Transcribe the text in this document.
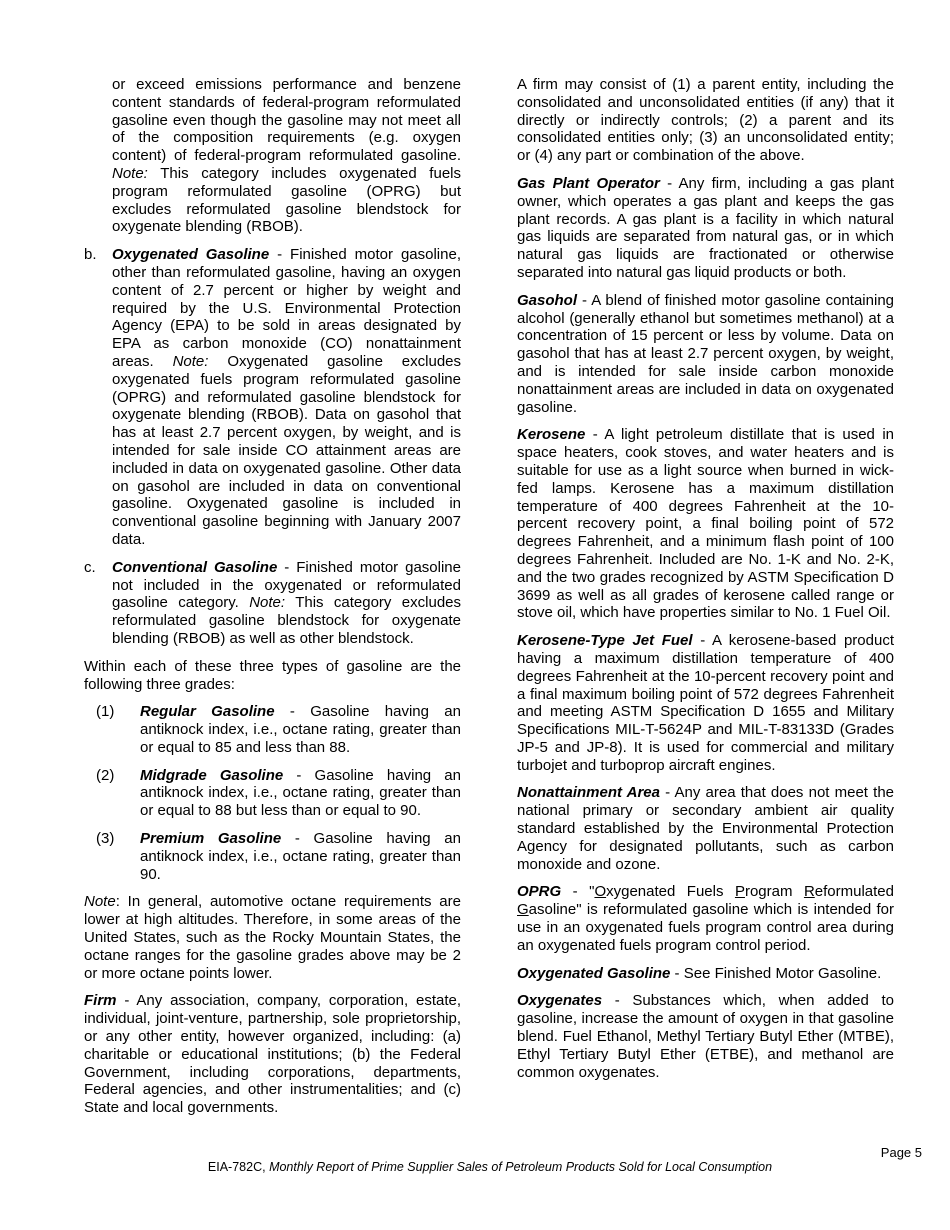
or exceed emissions performance and benzene content standards of federal-program reformulated gasoline even though the gasoline may not meet all of the composition requirements (e.g. oxygen content) of federal-program reformulated gasoline. Note: This category includes oxygenated fuels program reformulated gasoline (OPRG) but excludes reformulated gasoline blendstock for oxygenate blending (RBOB).

b. Oxygenated Gasoline - Finished motor gasoline, other than reformulated gasoline, having an oxygen content of 2.7 percent or higher by weight and required by the U.S. Environmental Protection Agency (EPA) to be sold in areas designated by EPA as carbon monoxide (CO) nonattainment areas. Note: Oxygenated gasoline excludes oxygenated fuels program reformulated gasoline (OPRG) and reformulated gasoline blendstock for oxygenate blending (RBOB). Data on gasohol that has at least 2.7 percent oxygen, by weight, and is intended for sale inside CO attainment areas are included in data on oxygenated gasoline. Other data on gasohol are included in data on conventional gasoline. Oxygenated gasoline is included in conventional gasoline beginning with January 2007 data.
c. Conventional Gasoline - Finished motor gasoline not included in the oxygenated or reformulated gasoline category. Note: This category excludes reformulated gasoline blendstock for oxygenate blending (RBOB) as well as other blendstock.

Within each of these three types of gasoline are the following three grades:

(1) Regular Gasoline - Gasoline having an antiknock index, i.e., octane rating, greater than or equal to 85 and less than 88.
(2) Midgrade Gasoline - Gasoline having an antiknock index, i.e., octane rating, greater than or equal to 88 but less than or equal to 90.
(3) Premium Gasoline - Gasoline having an antiknock index, i.e., octane rating, greater than 90.

Note: In general, automotive octane requirements are lower at high altitudes. Therefore, in some areas of the United States, such as the Rocky Mountain States, the octane ranges for the gasoline grades above may be 2 or more octane points lower.

Firm - Any association, company, corporation, estate, individual, joint-venture, partnership, sole proprietorship, or any other entity, however organized, including: (a) charitable or educational institutions; (b) the Federal Government, including corporations, departments, Federal agencies, and other instrumentalities; and (c) State and local governments.

A firm may consist of (1) a parent entity, including the consolidated and unconsolidated entities (if any) that it directly or indirectly controls; (2) a parent and its consolidated entities only; (3) an unconsolidated entity; or (4) any part or combination of the above.

Gas Plant Operator - Any firm, including a gas plant owner, which operates a gas plant and keeps the gas plant records. A gas plant is a facility in which natural gas liquids are separated from natural gas, or in which natural gas liquids are fractionated or otherwise separated into natural gas liquid products or both.

Gasohol - A blend of finished motor gasoline containing alcohol (generally ethanol but sometimes methanol) at a concentration of 15 percent or less by volume. Data on gasohol that has at least 2.7 percent oxygen, by weight, and is intended for sale inside carbon monoxide nonattainment areas are included in data on oxygenated gasoline.

Kerosene - A light petroleum distillate that is used in space heaters, cook stoves, and water heaters and is suitable for use as a light source when burned in wick-fed lamps. Kerosene has a maximum distillation temperature of 400 degrees Fahrenheit at the 10-percent recovery point, a final boiling point of 572 degrees Fahrenheit, and a minimum flash point of 100 degrees Fahrenheit. Included are No. 1-K and No. 2-K, and the two grades recognized by ASTM Specification D 3699 as well as all grades of kerosene called range or stove oil, which have properties similar to No. 1 Fuel Oil.

Kerosene-Type Jet Fuel - A kerosene-based product having a maximum distillation temperature of 400 degrees Fahrenheit at the 10-percent recovery point and a final maximum boiling point of 572 degrees Fahrenheit and meeting ASTM Specification D 1655 and Military Specifications MIL-T-5624P and MIL-T-83133D (Grades JP-5 and JP-8). It is used for commercial and military turbojet and turboprop aircraft engines.

Nonattainment Area - Any area that does not meet the national primary or secondary ambient air quality standard established by the Environmental Protection Agency for designated pollutants, such as carbon monoxide and ozone.

OPRG - "Oxygenated Fuels Program Reformulated Gasoline" is reformulated gasoline which is intended for use in an oxygenated fuels program control area during an oxygenated fuels program control period.

Oxygenated Gasoline - See Finished Motor Gasoline.

Oxygenates - Substances which, when added to gasoline, increase the amount of oxygen in that gasoline blend. Fuel Ethanol, Methyl Tertiary Butyl Ether (MTBE), Ethyl Tertiary Butyl Ether (ETBE), and methanol are common oxygenates.

Page 5
EIA-782C, Monthly Report of Prime Supplier Sales of Petroleum Products Sold for Local Consumption
